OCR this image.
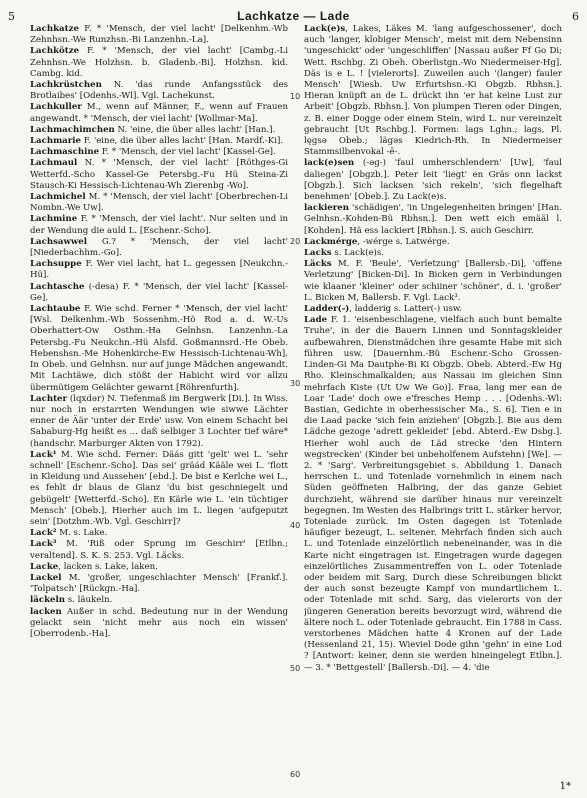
5	Lachkatze — Lade	6

Lachkatze F. * 'Mensch, der viel lacht' [Delkenhm.-Wb Zehnhsn.-We Runzhsn.-Bi Lanzenhn.-La].

Lachkötze F. * 'Mensch, der viel lacht' [Cambg.-Li Zehnhsn.-We Holzhsn. b. Gladenb.-Bi]. Holzhsn. kid. Cambg. kid.

Lachkrüstchen N. 'das runde Anfangsstück des Brotlaibes' [Odenhs.-Wl]. Vgl. Lachekunst.

Lachkuller M., wenn auf Männer, F., wenn auf Frauen angewandt. * 'Mensch, der viel lacht' [Wollmar-Ma].

Lachmachimchen N. 'eine, die über alles lacht' [Han.].

Lachmarie F. 'eine, die über alles lacht' [Han. Mardf.-Ki].

Lachmaschine F. * 'Mensch, der viel lacht' [Kassel-Ge].

Lachmaul N. * 'Mensch, der viel lacht' [Röthges-Gi Wetterfd.-Scho Kassel-Ge Petersbg.-Fu Hü Steina-Zi Stausch-Ki Hessisch-Lichtenau-Wh Zierenbg -Wo].

Lachmichel M. * 'Mensch, der viel lacht' [Oberbrechen-Li Nombn.-We Uw].

Lachmine F. * 'Mensch, der viel lacht'. Nur selten und in der Wendung die auld L. [Eschenr.-Scho].

Lachsawwel G.? * 'Mensch, der viel lacht' [Niederbachhm.-Go].

Lachsuppe F. Wer viel lacht, hat L. gegessen [Neukchn.-Hü].

Lachtasche (-desa) F. * 'Mensch, der viel lacht' [Kassel-Ge].

Lachtaube F. Wie schd. Ferner * 'Mensch, der viel lacht' [Wsl. Delkenhm.-Wb Sossenhm.-Hö Rod a. d. W.-Us Oberhattert-Ow Osthm.-Ha Gelnhsn. Lanzenhn.-La Petersbg.-Fu Neukchn.-Hü Alsfd. Goßmannsrd.-He Obeb. Hebenshsn.-Me Hohenkirche-Ew Hessisch-Lichtenau-Wh]. In Obeb. und Gelnhsn. nur auf junge Mädchen angewandt. Mit Lachtäwe, dich stößt der Habicht wird vor allzu übermütigem Gelächter gewarnt [Röhrenfurth].

Lachter (lqxdər) N. Tiefenmaß im Bergwerk [Di.]. In Wiss. nur noch in erstarrten Wendungen wie siwwe Lächter enner de Äär 'unter der Erde' usw. Von einem Schacht bei Sababurg-Hg heißt es ... daß selbiger 3 Lochter tief wäre* (handschr. Marburger Akten von 1792).

Lack¹ M. Wie schd. Ferner: Däás gitt 'gelt' wei L. 'sehr schnell' [Eschenr.-Scho]. Das sei' gräád Kääle wei L. 'flott in Kleidung und Aussehen' [ebd.]. De bist e Kerlche wei L., es fehlt dr blaus de Glanz 'du bist geschniegelt und gebügelt' [Wetterfd.-Scho]. En Kärle wie L. 'ein tüchtiger Mensch' [Obeb.]. Hierher auch im L. liegen 'aufgeputzt sein' [Dotzhm.-Wb. Vgl. Geschirr]?

Lack² M. s. Lake.

Lack³ M. 'Riß oder Sprung im Geschirr' [Etlbn.; veraltend]. S. K. S. 253. Vgl. Läcks.

Lacke, lacken s. Lake, laken.

Lackel M. 'großer, ungeschlachter Mensch' [Frankf.]. 'Tolpatsch' [Rückgn.-Ha].

läckeln s. läukeln.

lacken Außer in schd. Bedeutung nur in der Wendung gelackt sein 'nicht mehr aus noch ein wissen' [Oberrodenb.-Ha].

Lack(e)s, Lakes, Läkes M. 'lang aufgeschossener', doch auch 'langer, klobiger Mensch', meist mit dem Nebensinn 'ungeschickt' oder 'ungeschliffen' [Nassau außer Ff Go Di; Wett. Rschbg. Zi Obeh. Oberlistgn.-Wo Niedermeiser-Hg]. Däs is e L. ! [vielerorts]. Zuweilen auch '(langer) fauler Mensch' [Wiesb. Uw Erfurtshsn.-Ki Obgzb. Rbhsn.]. Hieran knüpft an de L. drückt ihn 'er hat keine Lust zur Arbeit' [Obgzb. Rbhsn.]. Von plumpen Tieren oder Dingen, z. B. einer Dogge oder einem Stein, wird L. nur vereinzelt gebraucht [Ut Rschbg.]. Formen: lags Lghn.; lags, Pl. lęgsə Obeb.; lägəs Kiedrich-Rh. In Niedermeiser Stammsilbenvokal -ē-.

lack(e)sen (-əg-) 'faul umherschlendern' [Uw], 'faul daliegen' [Obgzb.]. Peter leit 'liegt' en Gräs onn lackst [Obgzb.]. Sich lacksen 'sich rekeln', 'sich flegelhaft benehmen' [Obeb.]. Zu Lack(e)s.

lackieren 'schädigen', 'in Ungelegenheiten bringen' [Han. Gelnhsn.-Kohden-Bü Rbhsn.]. Den wett eich emääl l. [Kohden]. Hä ess lackiert [Rbhsn.]. S. auch Geschirr.

Lackmérge, -wérge s. Latwérge.

Lacks s. Lack(e)s.

Läcks M. F. 'Beule', 'Verletzung' [Ballersb.-Di], 'offene Verletzung' [Bicken-Di]. In Bicken gern in Verbindungen wie klaaner 'kleiner' oder schiiner 'schöner', d. i. 'großer' L. Bicken M, Ballersb. F. Vgl. Lack³.

Ladder(-), ladderig s. Latter(-) usw.

Lade F. 1. 'eisenbeschlagene, vielfach auch bunt bemalte Truhe', in der die Bauern Linnen und Sonntagskleider aufbewahren, Dienstmädchen ihre gesamte Habe mit sich führen usw. [Dauernhm.-Bü Eschenr.-Scho Grossen-Linden-Gi Ma Dautphe-Bi Ki Obgzb. Obeb. Abterd.-Ew Hg Rho. Kleinschmalkalden; aus Nassau im gleichen Sinn mehrfach Kiste (Ut Uw We Go)]. Fraa, lang mer ean de Loar 'Lade' doch owe e'fresches Hemp . . . [Odenhs.-Wl: Bastian, Gedichte in oberhessischer Ma., S. 6]. Tien e in die Laad packe 'sich fein anziehen' [Obgzb.]. Bie aus dem Lädche gezoge 'adrett gekleidet' [ebd. Abterd.-Ew Dsbg.]. Hierher wohl auch de Läd strecke 'den Hintern wegstrecken' (Kinder bei unbeholfenem Aufstehn) [We]. — 2. * 'Sarg'. Verbreitungsgebiet s. Abbildung 1. Danach herrschen L. und Totenlade vornehmlich in einem nach Süden geöffneten Halbring, der das ganze Gebiet durchzieht, während sie darüber hinaus nur vereinzelt begegnen. Im Westen des Halbrings tritt L. stärker hervor, Totenlade zurück. Im Osten dagegen ist Totenlade häufiger bezeugt, L. seltener. Mehrfach finden sich auch L. und Totenlade einzelörtlich nebeneinander, was in die Karte nicht eingetragen ist. Eingetragen wurde dagegen einzelörtliches Zusammentreffen von L. oder Totenlade oder beidem mit Sarg. Durch diese Schreibungen blickt der auch sonst bezeugte Kampf von mundartlichem L. oder Totenlade mit schd. Sarg, das vielerorts von der jüngeren Generation bereits bevorzugt wird, während die ältere noch L. oder Totenlade gebraucht. Ein 1788 in Cass. verstorbenes Mädchen hatte 4 Kronen auf der Lade (Hessenland 21, 15). Wieviel Dode gihn 'gehn' in eine Lod ? [Antwort: keiner, denn sie werden hineingelegt Etlbn.]. — 3. * 'Bettgestell' [Ballersb.-Di]. — 4. 'die

10
20
30
40
50
60
1*
